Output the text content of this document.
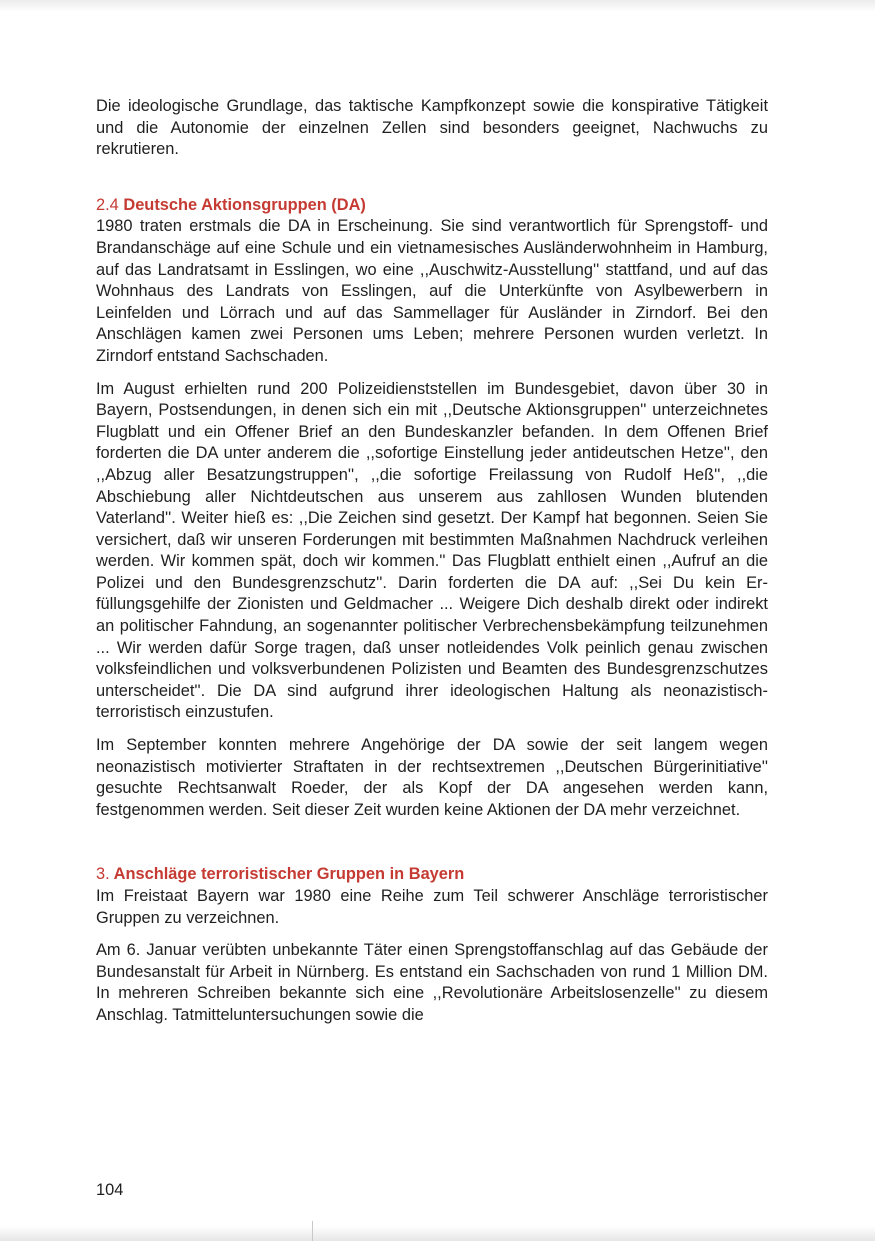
Die ideologische Grundlage, das taktische Kampfkonzept sowie die konspirative Tätigkeit und die Autonomie der einzelnen Zellen sind besonders geeignet, Nachwuchs zu rekrutieren.

2.4 Deutsche Aktionsgruppen (DA)

1980 traten erstmals die DA in Erscheinung. Sie sind verantwortlich für Sprengstoff- und Brandanschäge auf eine Schule und ein vietnamesisches Ausländerwohnheim in Hamburg, auf das Landratsamt in Esslingen, wo eine ,,Auschwitz-Ausstellung'' stattfand, und auf das Wohnhaus des Landrats von Esslingen, auf die Unterkünfte von Asylbewerbern in Leinfelden und Lörrach und auf das Sammellager für Ausländer in Zirndorf. Bei den Anschlägen kamen zwei Personen ums Leben; mehrere Personen wurden verletzt. In Zirndorf entstand Sachschaden.

Im August erhielten rund 200 Polizeidienststellen im Bundesgebiet, davon über 30 in Bayern, Postsendungen, in denen sich ein mit ,,Deutsche Aktionsgruppen'' unterzeichnetes Flugblatt und ein Offener Brief an den Bundeskanzler befanden. In dem Offenen Brief forderten die DA unter anderem die ,,sofortige Einstellung jeder antideutschen Hetze'', den ,,Abzug aller Besatzungstruppen'', ,,die sofortige Freilassung von Rudolf Heß'', ,,die Abschiebung aller Nichtdeutschen aus unserem aus zahllosen Wunden blutenden Vaterland''. Weiter hieß es: ,,Die Zeichen sind gesetzt. Der Kampf hat begonnen. Seien Sie versichert, daß wir unseren Forderungen mit bestimmten Maßnahmen Nachdruck verleihen werden. Wir kommen spät, doch wir kommen.'' Das Flugblatt enthielt einen ,,Aufruf an die Polizei und den Bundesgrenzschutz''. Darin forderten die DA auf: ,,Sei Du kein Erfüllungsgehilfe der Zionisten und Geldmacher ... Weigere Dich deshalb direkt oder indirekt an politischer Fahndung, an sogenannter politischer Verbrechensbekämpfung teilzunehmen ... Wir werden dafür Sorge tragen, daß unser notleidendes Volk peinlich genau zwischen volksfeindlichen und volksverbundenen Polizisten und Beamten des Bundesgrenzschutzes unterscheidet''. Die DA sind aufgrund ihrer ideologischen Haltung als neonazistisch-terroristisch einzustufen.

Im September konnten mehrere Angehörige der DA sowie der seit langem wegen neonazistisch motivierter Straftaten in der rechtsextremen ,,Deutschen Bürgerinitiative'' gesuchte Rechtsanwalt Roeder, der als Kopf der DA angesehen werden kann, festgenommen werden. Seit dieser Zeit wurden keine Aktionen der DA mehr verzeichnet.

3. Anschläge terroristischer Gruppen in Bayern

Im Freistaat Bayern war 1980 eine Reihe zum Teil schwerer Anschläge terroristischer Gruppen zu verzeichnen.

Am 6. Januar verübten unbekannte Täter einen Sprengstoffanschlag auf das Gebäude der Bundesanstalt für Arbeit in Nürnberg. Es entstand ein Sachschaden von rund 1 Million DM. In mehreren Schreiben bekannte sich eine ,,Revolutionäre Arbeitslosenzelle'' zu diesem Anschlag. Tatmitteluntersuchungen sowie die

104
